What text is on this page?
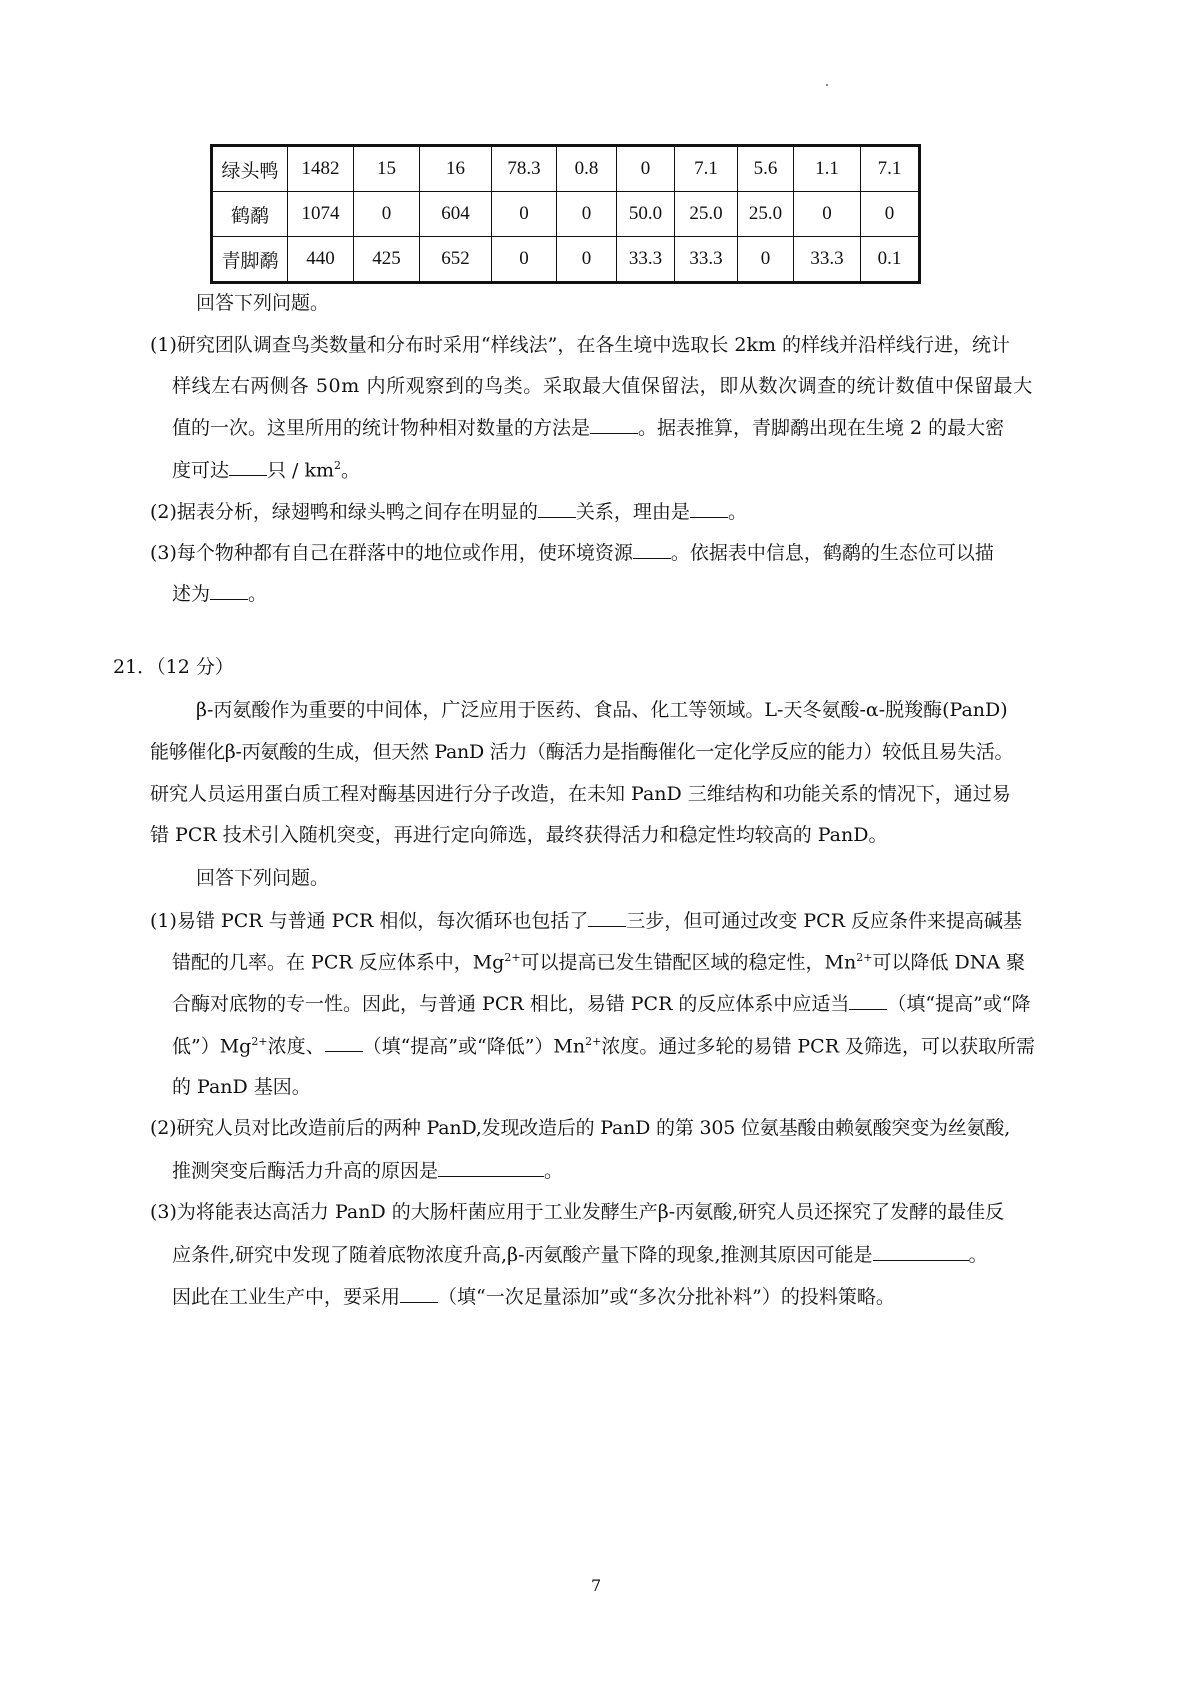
绿头鸭	1482	15	16	78.3	0.8	0	7.1	5.6	1.1	7.1
鹤鹬	1074	0	604	0	0	50.0	25.0	25.0	0	0
青脚鹬	440	425	652	0	0	33.3	33.3	0	33.3	0.1
回答下列问题。
(1)研究团队调查鸟类数量和分布时采用“样线法”，在各生境中选取长 2km 的样线并沿样线行进，统计
样线左右两侧各 50m 内所观察到的鸟类。采取最大值保留法，即从数次调查的统计数值中保留最大
值的一次。这里所用的统计物种相对数量的方法是	。据表推算，青脚鹬出现在生境 2 的最大密
度可达 只 / $km^2$。
(2)据表分析，绿翅鸭和绿头鸭之间存在明显的 关系，理由是 。
(3)每个物种都有自己在群落中的地位或作用，使环境资源 。依据表中信息，鹤鹬的生态位可以描
述为 。
21．（12 分）
β-丙氨酸作为重要的中间体，广泛应用于医药、食品、化工等领域。L-天冬氨酸-α-脱羧酶(PanD)
能够催化β-丙氨酸的生成，但天然 PanD 活力（酶活力是指酶催化一定化学反应的能力）较低且易失活。
研究人员运用蛋白质工程对酶基因进行分子改造，在未知 PanD 三维结构和功能关系的情况下，通过易
错 PCR 技术引入随机突变，再进行定向筛选，最终获得活力和稳定性均较高的 PanD。
回答下列问题。
(1)易错 PCR 与普通 PCR 相似，每次循环也包括了 三步，但可通过改变 PCR 反应条件来提高碱基
错配的几率。在 PCR 反应体系中，$Mg^{2+}$可以提高已发生错配区域的稳定性，$Mn^{2+}$可以降低 DNA 聚
合酶对底物的专一性。因此，与普通 PCR 相比，易错 PCR 的反应体系中应适当 （填“提高”或“降
低$”)Mg^{2+}$浓度、 （填“提高”或“降低$”)Mn^{2+}$浓度。通过多轮的易错 PCR 及筛选，可以获取所需
的 PanD 基因。
(2)研究人员对比改造前后的两种 PanD,发现改造后的 PanD 的第 305 位氨基酸由赖氨酸突变为丝氨酸,
推测突变后酶活力升高的原因是	。
(3)为将能表达高活力 PanD 的大肠杆菌应用于工业发酵生产β-丙氨酸,研究人员还探究了发酵的最佳反
应条件,研究中发现了随着底物浓度升高,β-丙氨酸产量下降的现象,推测其原因可能是	。
因此在工业生产中，要采用 （填“一次足量添加”或“多次分批补料”）的投料策略。
7
